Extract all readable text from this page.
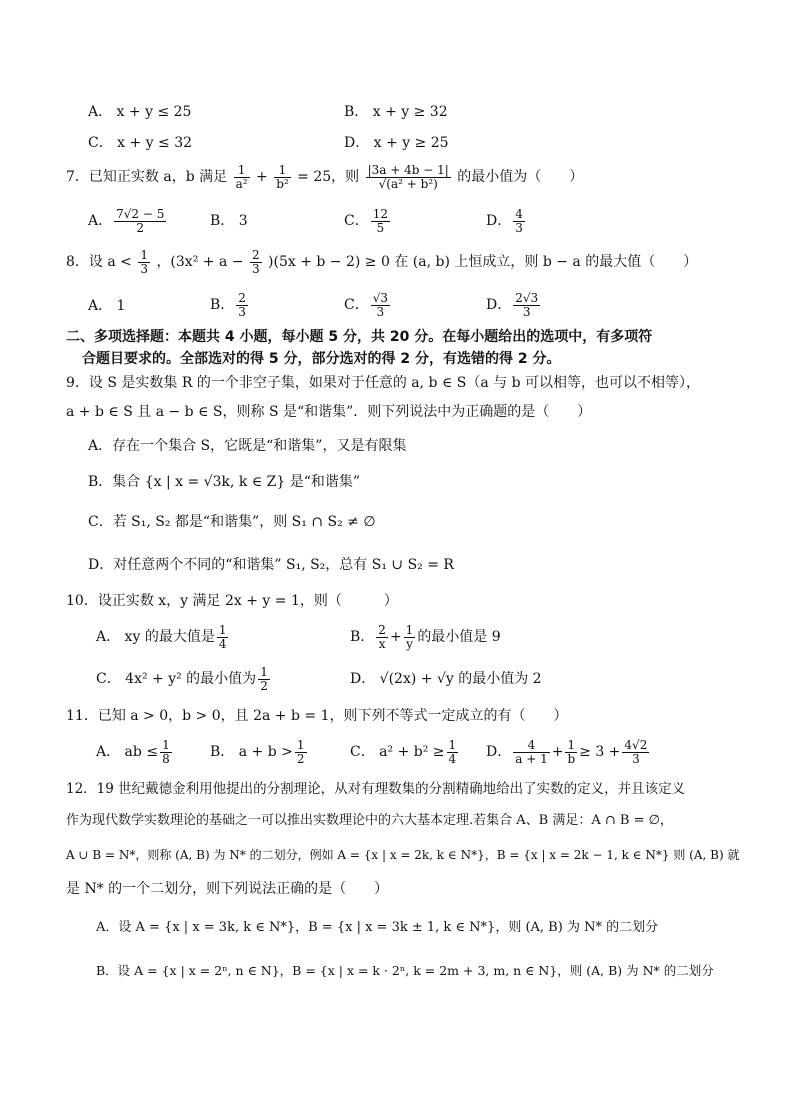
A． x + y ≤ 25	B． x + y ≥ 32
C． x + y ≤ 32	D． x + y ≥ 25
7．已知正实数 a，b 满足 $\frac{1}{\text{a²}} + \frac{1}{\text{b²}} = 25$，则 $\frac{|3a + 4b - 1|}{\text{√(a² + b²)}}$ 的最小值为（　　）
A． $\frac{7√2 - 5}{2}$	B． 3	C． $\frac{12}{5}$	D． $\frac{4}{3}$
8．设 $a < \frac{1}{3}$ ，$(3x^2 + a - \frac{2}{3} )(5x + b - 2) \ge 0$ 在 (a, b) 上恒成立，则 b − a 的最大值（　　）
A． 1	B． $\frac{2}{3}$	C． $\frac{√3}{3}$	D． $\frac{2√3}{3}$
二、多项选择题：本题共 4 小题，每小题 5 分，共 20 分。在每小题给出的选项中，有多项符
合题目要求的。全部选对的得 5 分，部分选对的得 2 分，有选错的得 2 分。
9．设 S 是实数集 R 的一个非空子集，如果对于任意的 a, b ∈ S（a 与 b 可以相等，也可以不相等），
a + b ∈ S 且 a − b ∈ S，则称 S 是“和谐集”．则下列说法中为正确题的是（　　）
A．存在一个集合 S，它既是“和谐集”，又是有限集
B．集合 {x | x = √3k, k ∈ Z} 是“和谐集”
C．若 S₁, S₂ 都是“和谐集”，则 S₁ ∩ S₂ ≠ ∅
D．对任意两个不同的“和谐集” S₁, S₂，总有 S₁ ∪ S₂ = R
10．设正实数 x，y 满足 2x + y = 1，则（　　　）
A． xy 的最大值是 $\frac{1}{4}$	B． $\frac{2}{x} + \frac{1}{y}$ 的最小值是 9
C． 4x² + y² 的最小值为 $\frac{1}{2}$	D． √(2x) + √y 的最小值为 2
11．已知 a > 0，b > 0，且 2a + b = 1，则下列不等式一定成立的有（　　）
A． ab ≤ $\frac{1}{8}$	B． $a + b > \frac{1}{2}$	C． $a^2 + b^2 \ge \frac{1}{4}$ D． $\frac{4}{a + 1} + \frac{1}{b} \ge 3 + \frac{4√2}{3}$
12．19 世纪戴德金利用他提出的分割理论，从对有理数集的分割精确地给出了实数的定义，并且该定义
作为现代数学实数理论的基础之一可以推出实数理论中的六大基本定理.若集合 A、B 满足：A ∩ B = ∅，
A ∪ B = N*，则称 (A, B) 为 N* 的二划分，例如 A = {x | x = 2k, k ∈ N*}，B = {x | x = 2k − 1, k ∈ N*} 则 (A, B) 就
是 N* 的一个二划分，则下列说法正确的是（　　）
A．设 A = {x | x = 3k, k ∈ N*}，B = {x | x = 3k ± 1, k ∈ N*}，则 (A, B) 为 N* 的二划分
B．设 A = {x | x = 2ⁿ, n ∈ N}，B = {x | x = k · 2ⁿ, k = 2m + 3, m, n ∈ N}，则 (A, B) 为 N* 的二划分
